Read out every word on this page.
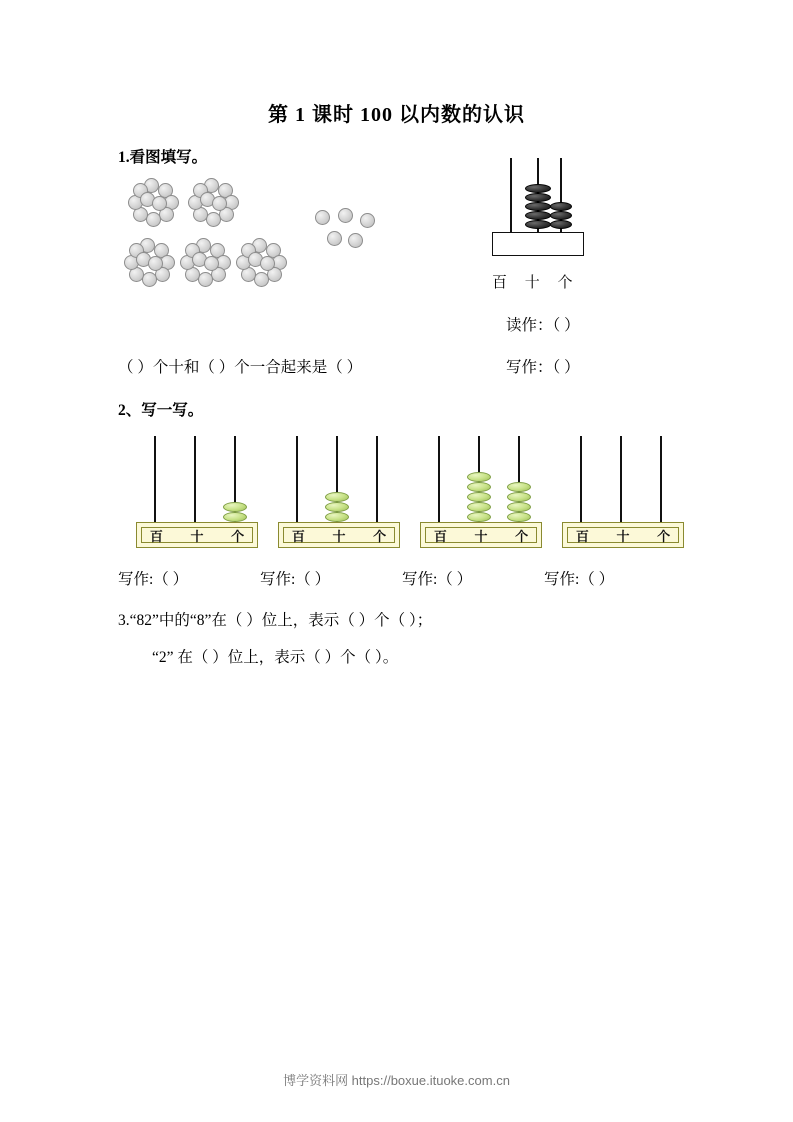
第 1 课时 100 以内数的认识
1.看图填写。
百 十 个
读作：（ ）
写作：（ ）
（ ）个十和（ ）个一合起来是（ ）
2、写一写。
百 十 个	百 十 个	百 十 个	百 十 个
写作:（ ）	写作:（ ）	写作:（ ）	写作:（ ）
3.“82”中的“8”在（ ）位上，表示（ ）个（ ）；
“2” 在（ ）位上，表示（ ）个（ ）。
博学资料网 https://boxue.ituoke.com.cn
